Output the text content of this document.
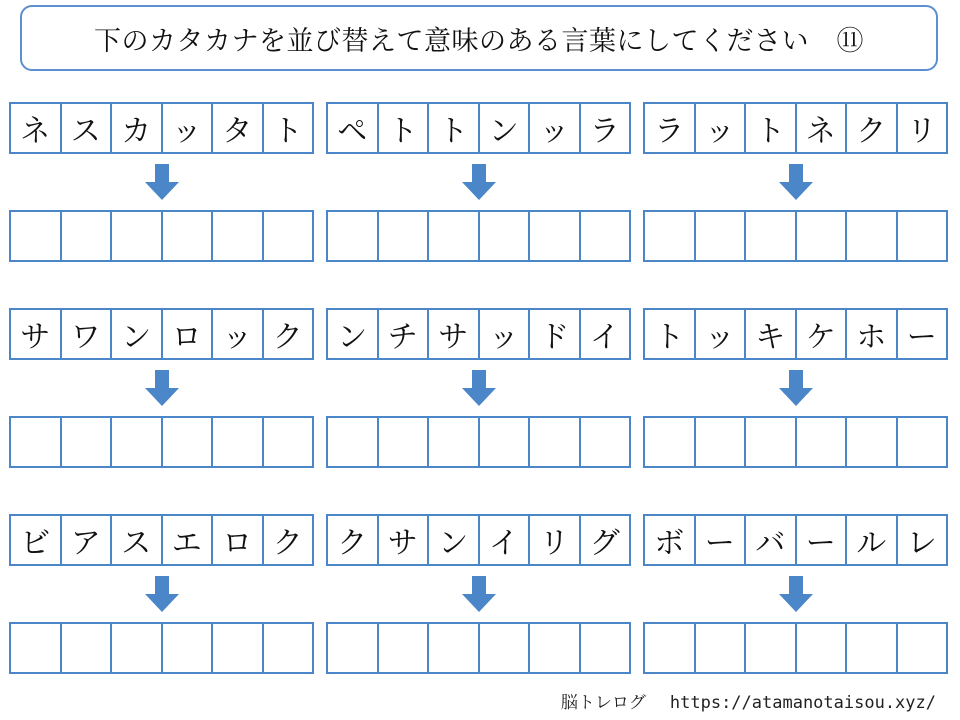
下のカタカナを並び替えて意味のある言葉にしてください　⑪
ネ ス カ ッ タ ト	ペ ト ト ン ッ ラ	ラ ッ ト ネ ク リ
サ ワ ン ロ ッ ク	ン チ サ ッ ド イ	ト ッ キ ケ ホ ー
ビ ア ス エ ロ ク	ク サ ン イ リ グ	ボ ー バ ー ル レ
脳トレログ https://atamanotaisou.xyz/
